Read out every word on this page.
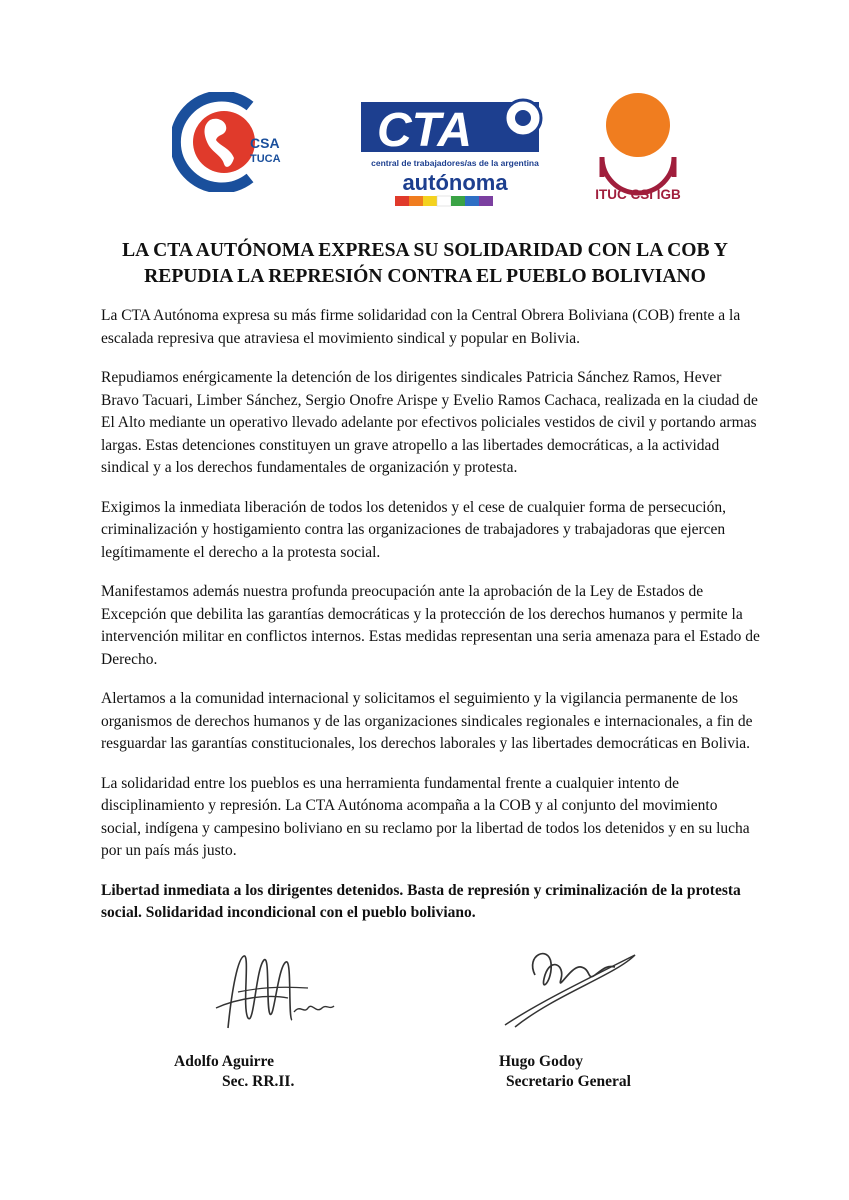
CSA
TUCA
CTA
central de trabajadores/as de la argentina
autónoma	ITUC CSI IGB
LA CTA AUTÓNOMA EXPRESA SU SOLIDARIDAD CON LA COB Y
REPUDIA LA REPRESIÓN CONTRA EL PUEBLO BOLIVIANO

La CTA Autónoma expresa su más firme solidaridad con la Central Obrera Boliviana (COB) frente a la escalada represiva que atraviesa el movimiento sindical y popular en Bolivia.

Repudiamos enérgicamente la detención de los dirigentes sindicales Patricia Sánchez Ramos, Hever Bravo Tacuari, Limber Sánchez, Sergio Onofre Arispe y Evelio Ramos Cachaca, realizada en la ciudad de El Alto mediante un operativo llevado adelante por efectivos policiales vestidos de civil y portando armas largas. Estas detenciones constituyen un grave atropello a las libertades democráticas, a la actividad sindical y a los derechos fundamentales de organización y protesta.

Exigimos la inmediata liberación de todos los detenidos y el cese de cualquier forma de persecución, criminalización y hostigamiento contra las organizaciones de trabajadores y trabajadoras que ejercen legítimamente el derecho a la protesta social.

Manifestamos además nuestra profunda preocupación ante la aprobación de la Ley de Estados de Excepción que debilita las garantías democráticas y la protección de los derechos humanos y permite la intervención militar en conflictos internos. Estas medidas representan una seria amenaza para el Estado de Derecho.

Alertamos a la comunidad internacional y solicitamos el seguimiento y la vigilancia permanente de los organismos de derechos humanos y de las organizaciones sindicales regionales e internacionales, a fin de resguardar las garantías constitucionales, los derechos laborales y las libertades democráticas en Bolivia.

La solidaridad entre los pueblos es una herramienta fundamental frente a cualquier intento de disciplinamiento y represión. La CTA Autónoma acompaña a la COB y al conjunto del movimiento social, indígena y campesino boliviano en su reclamo por la libertad de todos los detenidos y en su lucha por un país más justo.

Libertad inmediata a los dirigentes detenidos. Basta de represión y criminalización de la protesta social. Solidaridad incondicional con el pueblo boliviano.

Adolfo Aguirre
Sec. RR.II.
Hugo Godoy
Secretario General
